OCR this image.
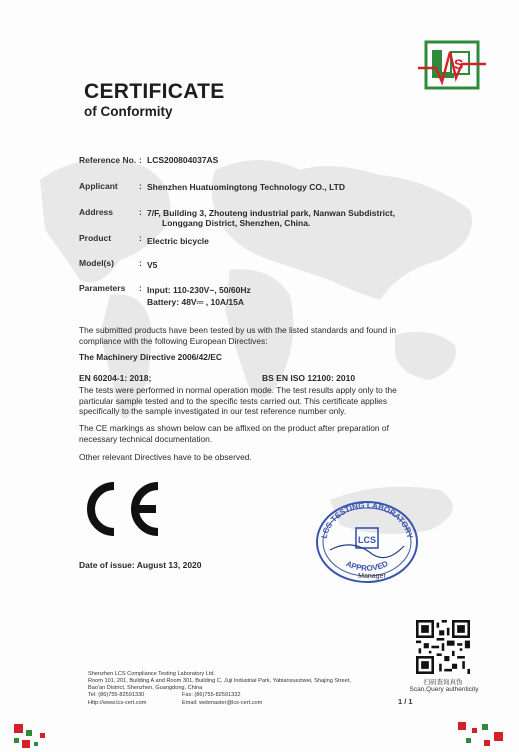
S
CERTIFICATE
of Conformity
Reference No. : LCS200804037AS
Applicant	: Shenzhen Huatuomingtong Technology CO., LTD
Address	: 7/F, Building 3, Zhouteng industrial park, Nanwan Subdistrict,
Longgang District, Shenzhen, China.
Product	: Electric bicycle
Model(s)	: V5
Parameters : Input: 110-230V~, 50/60Hz
Battery: 48V⎓ , 10A/15A
The submitted products have been tested by us with the listed standards and found in compliance with the following European Directives:
The Machinery Directive 2006/42/EC
EN 60204-1: 2018;	BS EN ISO 12100: 2010
The tests were performed in normal operation mode. The test results apply only to the particular sample tested and to the specific tests carried out. This certificate applies specifically to the sample investigated in our test reference number only.
The CE markings as shown below can be affixed on the product after preparation of necessary technical documentation.
Other relevant Directives have to be observed.
LCS TESTING LABORATORY
APPROVED
LCS
Manager
Date of issue: August 13, 2020
扫码查询真伪
Scan,Query authenticity
1 / 1
Shenzhen LCS Compliance Testing Laboratory Ltd.
Room 101, 201, Building A and Room 301, Building C, Juji Industrial Park, Yabianxueziwei, Shajing Street,
Bao'an District, Shenzhen, Guangdong, China
Tel: (86)755-82591330	Fax: (86)755-82591332
Http://www.lcs-cert.com	Email: webmaster@lcs-cert.com
